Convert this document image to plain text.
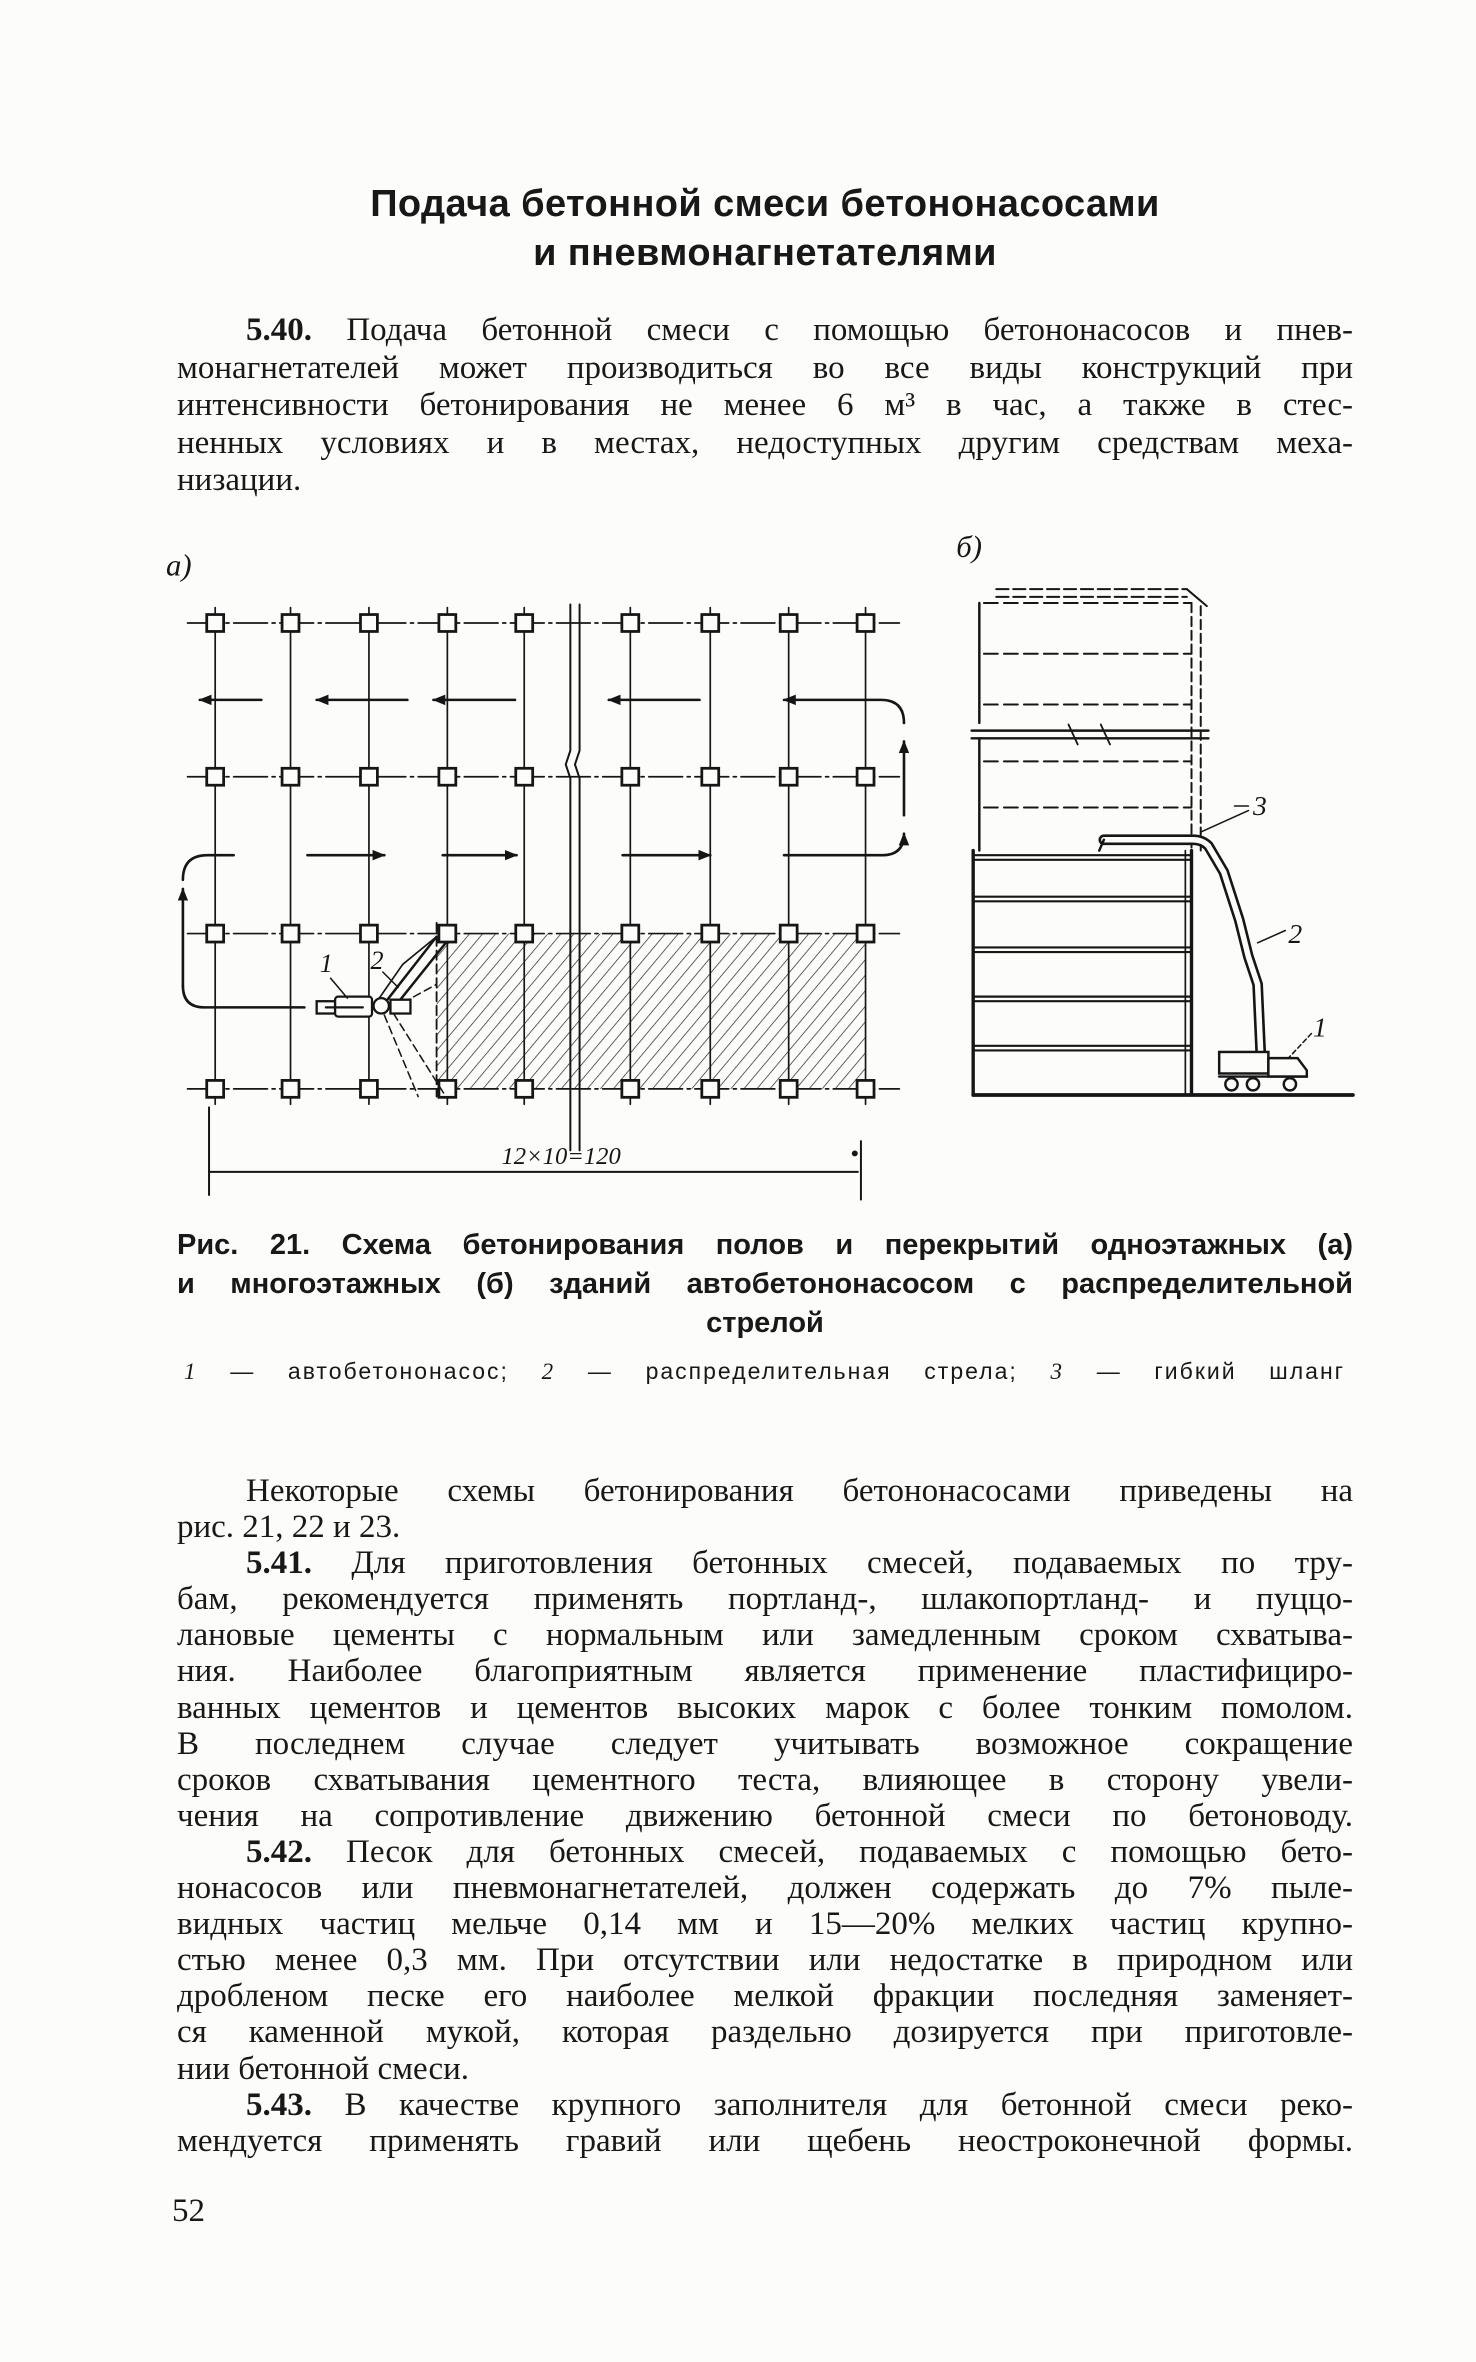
Подача бетонной смеси бетононасосами
и пневмонагнетателями
5.40. Подача бетонной смеси с помощью бетононасосов и пнев-
монагнетателей может производиться во все виды конструкций при
интенсивности бетонирования не менее 6 м³ в час, а также в стес-
ненных условиях и в местах, недоступных другим средствам меха-
низации.
1 2
12×10=120
а)
б)
3
2
1
Рис. 21. Схема бетонирования полов и перекрытий одноэтажных (а)
и многоэтажных (б) зданий автобетононасосом с распределительной
стрелой
1 — автобетононасос; 2 — распределительная стрела; 3 — гибкий шланг
Некоторые схемы бетонирования бетононасосами приведены на
рис. 21, 22 и 23.
5.41. Для приготовления бетонных смесей, подаваемых по тру-
бам, рекомендуется применять портланд-, шлакопортланд- и пуццо-
лановые цементы с нормальным или замедленным сроком схватыва-
ния. Наиболее благоприятным является применение пластифициро-
ванных цементов и цементов высоких марок с более тонким помолом.
В последнем случае следует учитывать возможное сокращение
сроков схватывания цементного теста, влияющее в сторону увели-
чения на сопротивление движению бетонной смеси по бетоноводу.
5.42. Песок для бетонных смесей, подаваемых с помощью бето-
нонасосов или пневмонагнетателей, должен содержать до 7% пыле-
видных частиц мельче 0,14 мм и 15—20% мелких частиц крупно-
стью менее 0,3 мм. При отсутствии или недостатке в природном или
дробленом песке его наиболее мелкой фракции последняя заменяет-
ся каменной мукой, которая раздельно дозируется при приготовле-
нии бетонной смеси.
5.43. В качестве крупного заполнителя для бетонной смеси реко-
мендуется применять гравий или щебень неостроконечной формы.
52
